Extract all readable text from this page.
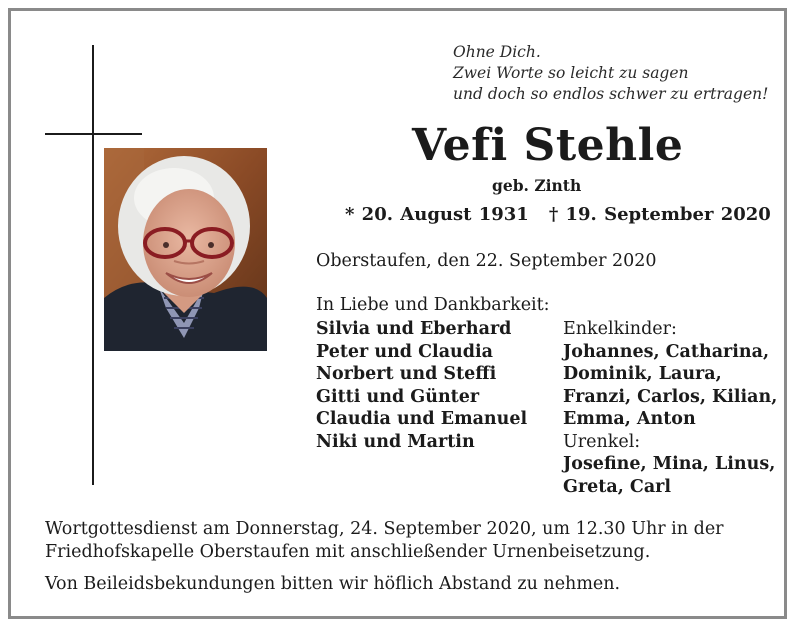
Ohne Dich.
Zwei Worte so leicht zu sagen
und doch so endlos schwer zu ertragen!
Vefi Stehle
geb. Zinth
* 20. August 1931 † 19. September 2020
Oberstaufen, den 22. September 2020
In Liebe und Dankbarkeit:
Silvia und Eberhard
Peter und Claudia
Norbert und Steffi
Gitti und Günter
Claudia und Emanuel
Niki und Martin
Enkelkinder:
Johannes, Catharina,
Dominik, Laura,
Franzi, Carlos, Kilian,
Emma, Anton
Urenkel:
Josefine, Mina, Linus,
Greta, Carl
Wortgottesdienst am Donnerstag, 24. September 2020, um 12.30 Uhr in der
Friedhofskapelle Oberstaufen mit anschließender Urnenbeisetzung.
Von Beileidsbekundungen bitten wir höflich Abstand zu nehmen.
